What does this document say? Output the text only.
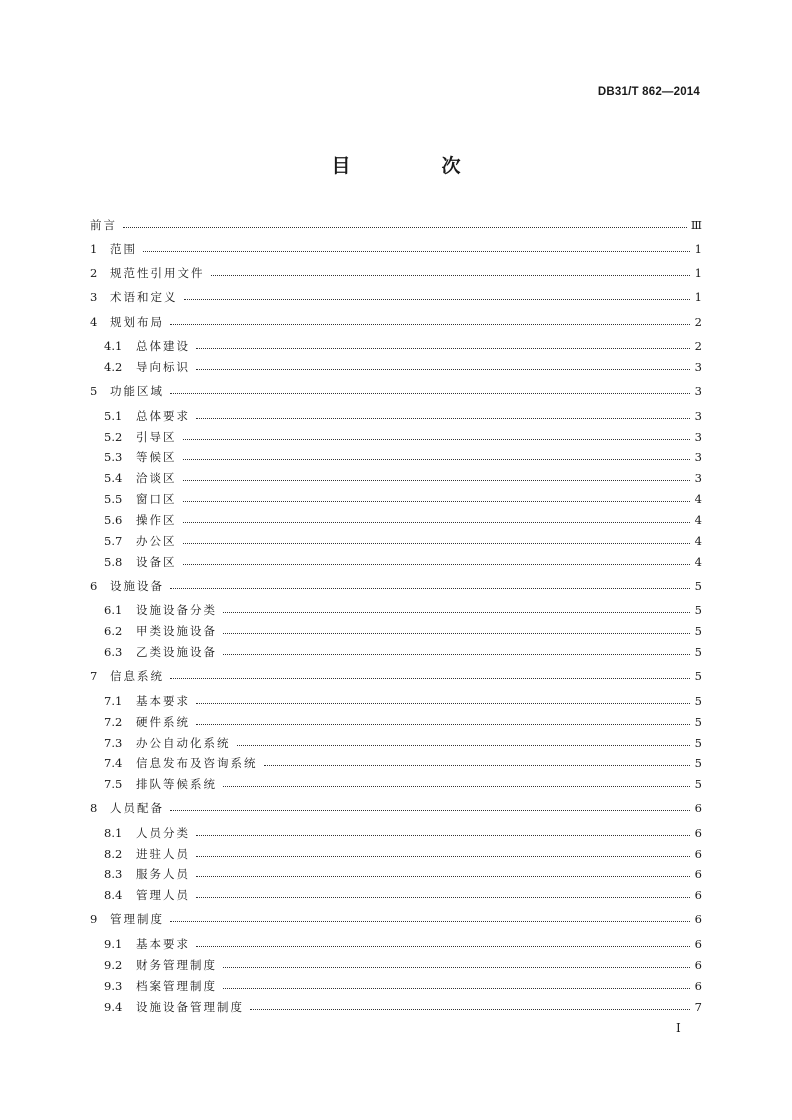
DB31/T 862—2014
目　次
前言	Ⅲ
1	范围	1
2	规范性引用文件	1
3	术语和定义	1
4	规划布局	2
4.1	总体建设	2
4.2	导向标识	3
5	功能区域	3
5.1	总体要求	3
5.2	引导区	3
5.3	等候区	3
5.4	洽谈区	3
5.5	窗口区	4
5.6	操作区	4
5.7	办公区	4
5.8	设备区	4
6	设施设备	5
6.1	设施设备分类	5
6.2	甲类设施设备	5
6.3	乙类设施设备	5
7	信息系统	5
7.1	基本要求	5
7.2	硬件系统	5
7.3	办公自动化系统	5
7.4	信息发布及咨询系统	5
7.5	排队等候系统	5
8	人员配备	6
8.1	人员分类	6
8.2	进驻人员	6
8.3	服务人员	6
8.4	管理人员	6
9	管理制度	6
9.1	基本要求	6
9.2	财务管理制度	6
9.3	档案管理制度	6
9.4	设施设备管理制度	7
I
